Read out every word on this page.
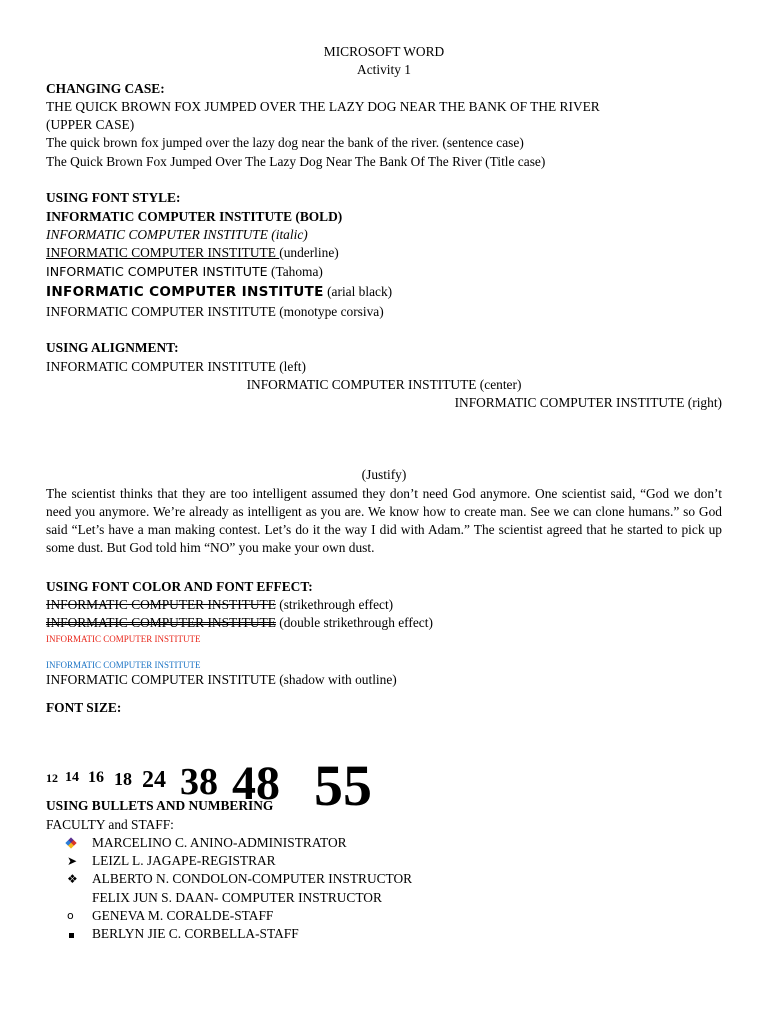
MICROSOFT WORD
Activity 1
CHANGING CASE:
THE QUICK BROWN FOX JUMPED OVER THE LAZY DOG NEAR THE BANK OF THE RIVER
(UPPER CASE)
The quick brown fox jumped over the lazy dog near the bank of the river. (sentence case)
The Quick Brown Fox Jumped Over The Lazy Dog Near The Bank Of The River (Title case)
USING FONT STYLE:
INFORMATIC COMPUTER INSTITUTE (BOLD)
INFORMATIC COMPUTER INSTITUTE (italic)
INFORMATIC COMPUTER INSTITUTE (underline)
INFORMATIC COMPUTER INSTITUTE (Tahoma)
INFORMATIC COMPUTER INSTITUTE (arial black)
INFORMATIC COMPUTER INSTITUTE (monotype corsiva)
USING ALIGNMENT:
INFORMATIC COMPUTER INSTITUTE (left)
INFORMATIC COMPUTER INSTITUTE (center)
INFORMATIC COMPUTER INSTITUTE (right)
(Justify)
The scientist thinks that they are too intelligent assumed they don’t need God anymore. One scientist said, “God we don’t need you anymore. We’re already as intelligent as you are. We know how to create man. See we can clone humans.” so God said “Let’s have a man making contest. Let’s do it the way I did with Adam.” The scientist agreed that he started to pick up some dust. But God told him “NO” you make your own dust.
USING FONT COLOR AND FONT EFFECT:
INFORMATIC COMPUTER INSTITUTE (strikethrough effect)
INFORMATIC COMPUTER INSTITUTE (double strikethrough effect)
INFORMATIC COMPUTER INSTITUTE
INFORMATIC COMPUTER INSTITUTE
INFORMATIC COMPUTER INSTITUTE (shadow with outline)
FONT SIZE:
12 14 16 18 24 38 48 55
USING BULLETS AND NUMBERING
FACULTY and STAFF:
MARCELINO C. ANINO-ADMINISTRATOR
➤	LEIZL L. JAGAPE-REGISTRAR
❖	ALBERTO N. CONDOLON-COMPUTER INSTRUCTOR
FELIX JUN S. DAAN- COMPUTER INSTRUCTOR
o	GENEVA M. CORALDE-STAFF
BERLYN JIE C. CORBELLA-STAFF
